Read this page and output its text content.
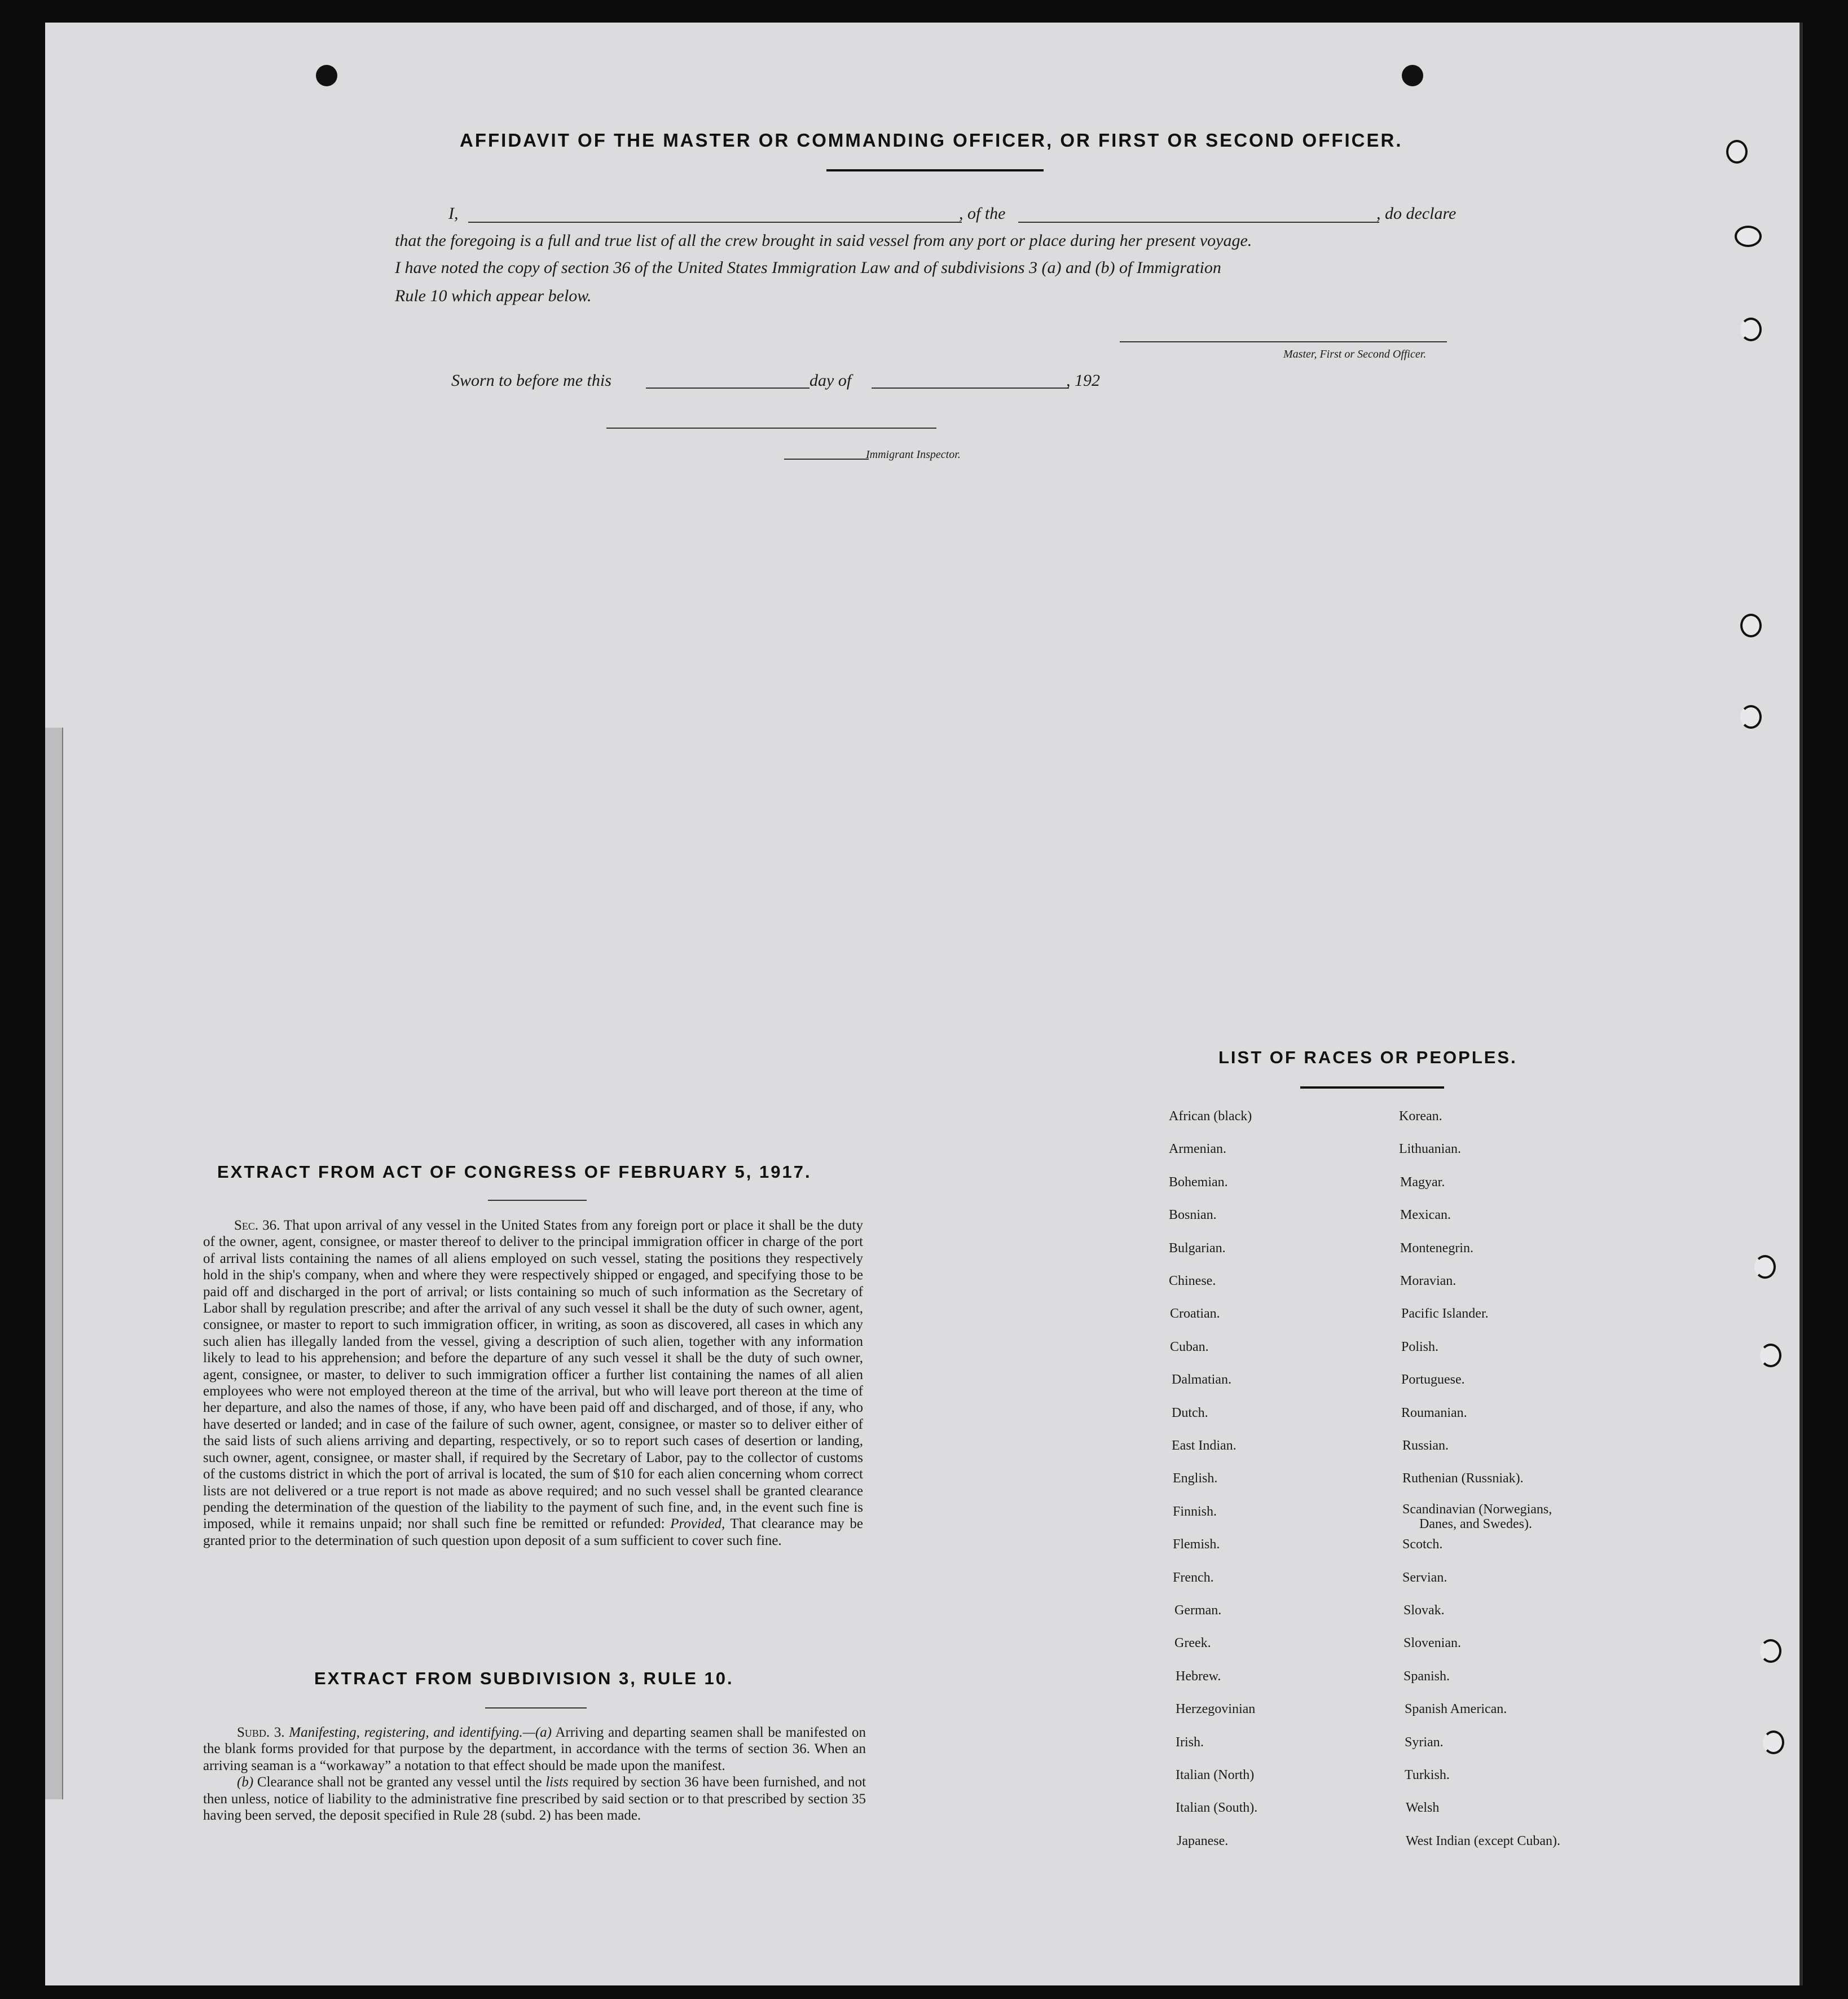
AFFIDAVIT OF THE MASTER OR COMMANDING OFFICER, OR FIRST OR SECOND OFFICER.
I,	, of the	, do declare
that the foregoing is a full and true list of all the crew brought in said vessel from any port or place during her present voyage.
I have noted the copy of section 36 of the United States Immigration Law and of subdivisions 3 (a) and (b) of Immigration
Rule 10 which appear below.
Master, First or Second Officer.
Sworn to before me this	day of	, 192
Immigrant Inspector.
EXTRACT FROM ACT OF CONGRESS OF FEBRUARY 5, 1917.

Sec. 36. That upon arrival of any vessel in the United States from any foreign port or place it shall be the duty of the owner, agent, consignee, or master thereof to deliver to the principal immigration officer in charge of the port of arrival lists containing the names of all aliens employed on such vessel, stating the positions they respectively hold in the ship's company, when and where they were respectively shipped or engaged, and specifying those to be paid off and discharged in the port of arrival; or lists containing so much of such information as the Secretary of Labor shall by regulation prescribe; and after the arrival of any such vessel it shall be the duty of such owner, agent, consignee, or master to report to such immigration officer, in writing, as soon as discovered, all cases in which any such alien has illegally landed from the vessel, giving a description of such alien, together with any information likely to lead to his apprehension; and before the departure of any such vessel it shall be the duty of such owner, agent, consignee, or master, to deliver to such immigration officer a further list containing the names of all alien employees who were not employed thereon at the time of the arrival, but who will leave port thereon at the time of her departure, and also the names of those, if any, who have been paid off and discharged, and of those, if any, who have deserted or landed; and in case of the failure of such owner, agent, consignee, or master so to deliver either of the said lists of such aliens arriving and departing, respectively, or so to report such cases of desertion or landing, such owner, agent, consignee, or master shall, if required by the Secretary of Labor, pay to the collector of customs of the customs district in which the port of arrival is located, the sum of $10 for each alien concerning whom correct lists are not delivered or a true report is not made as above required; and no such vessel shall be granted clearance pending the determination of the question of the liability to the payment of such fine, and, in the event such fine is imposed, while it remains unpaid; nor shall such fine be remitted or refunded: Provided, That clearance may be granted prior to the determination of such question upon deposit of a sum sufficient to cover such fine.

EXTRACT FROM SUBDIVISION 3, RULE 10.

Subd. 3. Manifesting, registering, and identifying.—(a) Arriving and departing seamen shall be manifested on the blank forms provided for that purpose by the department, in accordance with the terms of section 36. When an arriving seaman is a “workaway” a notation to that effect should be made upon the manifest.

(b) Clearance shall not be granted any vessel until the lists required by section 36 have been furnished, and not then unless, notice of liability to the administrative fine prescribed by said section or to that prescribed by section 35 having been served, the deposit specified in Rule 28 (subd. 2) has been made.

LIST OF RACES OR PEOPLES.
African (black)
Armenian.
Bohemian.
Bosnian.
Bulgarian.
Chinese.
Croatian.
Cuban.
Dalmatian.
Dutch.
East Indian.
English.
Finnish.
Flemish.
French.
German.
Greek.
Hebrew.
Herzegovinian
Irish.
Italian (North)
Italian (South).
Japanese.
Korean.
Lithuanian.
Magyar.
Mexican.
Montenegrin.
Moravian.
Pacific Islander.
Polish.
Portuguese.
Roumanian.
Russian.
Ruthenian (Russniak).
Scandinavian (Norwegians,
Danes, and Swedes).
Scotch.
Servian.
Slovak.
Slovenian.
Spanish.
Spanish American.
Syrian.
Turkish.
Welsh
West Indian (except Cuban).
